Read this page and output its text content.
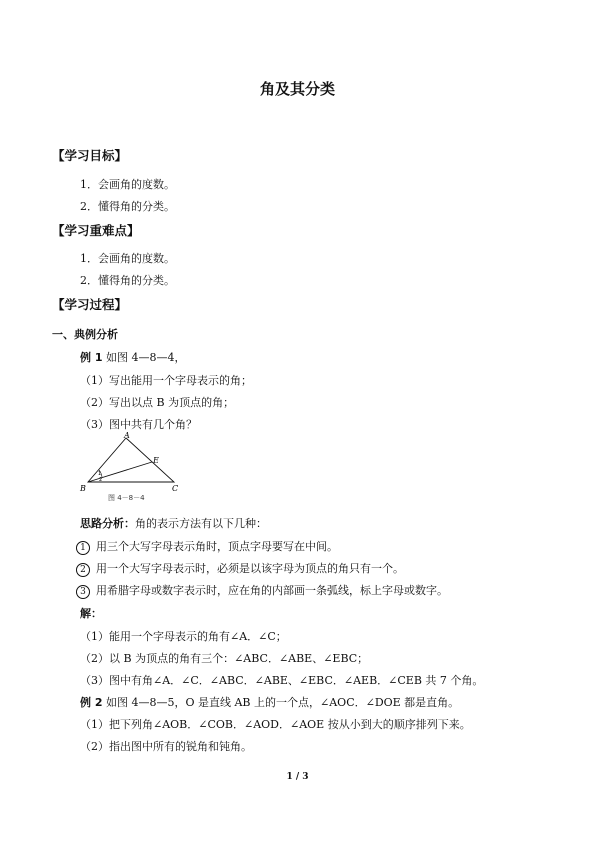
角及其分类
【学习目标】
1．会画角的度数。
2．懂得角的分类。
【学习重难点】
1．会画角的度数。
2．懂得角的分类。
【学习过程】
一、典例分析
例 1 如图 4—8—4，
（1）写出能用一个字母表示的角；
（2）写出以点 B 为顶点的角；
（3）图中共有几个角？
A
B	C
E
1
2
图 4－8－4
思路分析：角的表示方法有以下几种：
1 用三个大写字母表示角时，顶点字母要写在中间。
2 用一个大写字母表示时，必须是以该字母为顶点的角只有一个。
3 用希腊字母或数字表示时，应在角的内部画一条弧线，标上字母或数字。
解：
（1）能用一个字母表示的角有∠A．∠C；
（2）以 B 为顶点的角有三个：∠ABC．∠ABE、∠EBC；
（3）图中有角∠A．∠C．∠ABC．∠ABE、∠EBC．∠AEB．∠CEB 共 7 个角。
例 2 如图 4—8—5，O 是直线 AB 上的一个点，∠AOC．∠DOE 都是直角。
（1）把下列角∠AOB．∠COB．∠AOD．∠AOE 按从小到大的顺序排列下来。
（2）指出图中所有的锐角和钝角。
1 / 3
